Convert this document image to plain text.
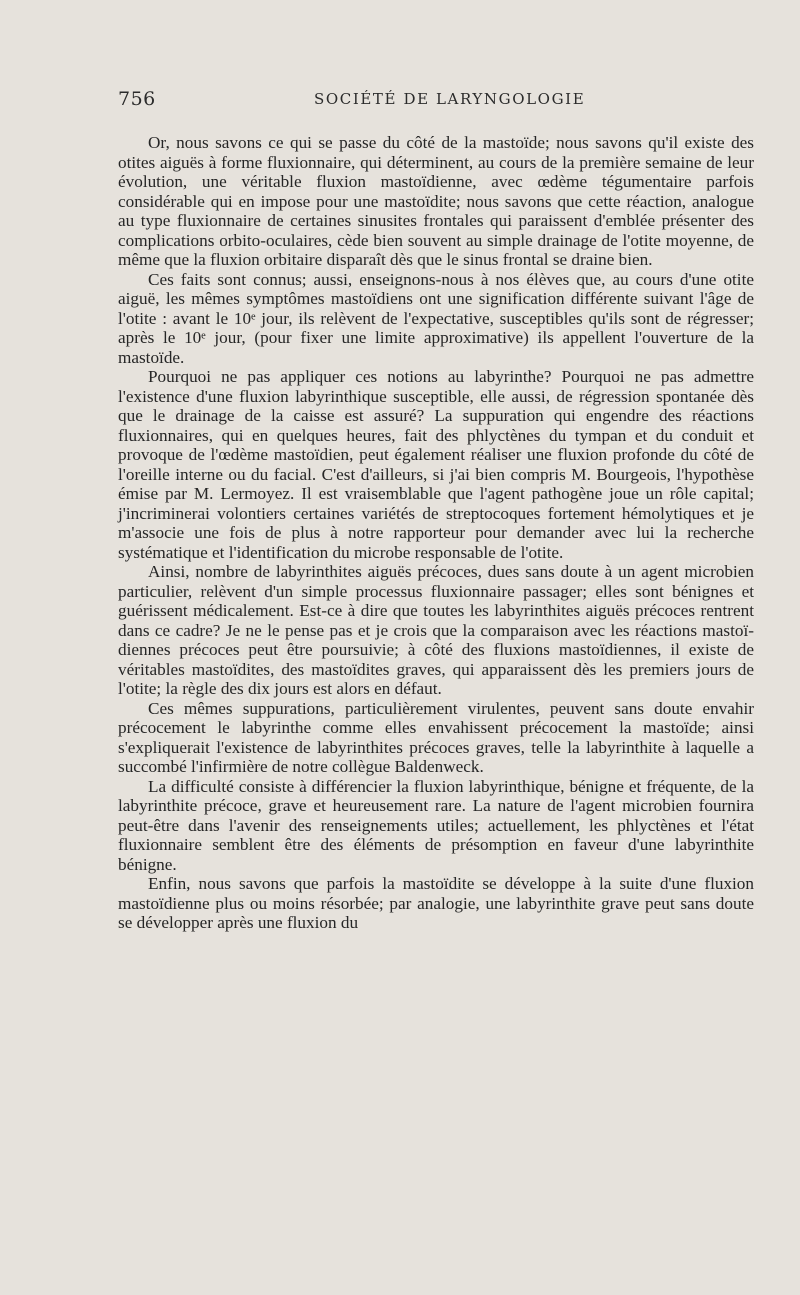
756	SOCIÉTÉ DE LARYNGOLOGIE

Or, nous savons ce qui se passe du côté de la mastoïde; nous savons qu'il existe des otites aiguës à forme fluxionnaire, qui déterminent, au cours de la première semaine de leur évolution, une véritable fluxion mastoïdienne, avec œdème tégumentaire parfois considérable qui en impose pour une mastoïdite; nous savons que cette réaction, analogue au type fluxionnaire de certaines sinusites frontales qui paraissent d'emblée présenter des complications orbito-oculaires, cède bien souvent au simple drainage de l'otite moyenne, de même que la fluxion orbitaire disparaît dès que le sinus frontal se draine bien.

Ces faits sont connus; aussi, enseignons-nous à nos élèves que, au cours d'une otite aiguë, les mêmes symptômes mastoïdiens ont une signification différente suivant l'âge de l'otite : avant le 10ᵉ jour, ils relèvent de l'expectative, susceptibles qu'ils sont de régresser; après le 10ᵉ jour, (pour fixer une limite approximative) ils appellent l'ouverture de la mastoïde.

Pourquoi ne pas appliquer ces notions au labyrinthe? Pourquoi ne pas admettre l'existence d'une fluxion labyrinthique susceptible, elle aussi, de régression spontanée dès que le drainage de la caisse est assuré? La suppuration qui engendre des réactions fluxionnaires, qui en quelques heures, fait des phlyctènes du tympan et du conduit et provoque de l'œdème mastoïdien, peut également réaliser une fluxion profonde du côté de l'oreille interne ou du facial. C'est d'ailleurs, si j'ai bien compris M. Bourgeois, l'hypothèse émise par M. Lermoyez. Il est vraisemblable que l'agent pathogène joue un rôle capital; j'incriminerai volontiers certaines variétés de streptocoques fortement hémolytiques et je m'associe une fois de plus à notre rapporteur pour demander avec lui la recherche systématique et l'identification du microbe responsable de l'otite.

Ainsi, nombre de labyrinthites aiguës précoces, dues sans doute à un agent microbien particulier, relèvent d'un simple processus fluxionnaire passager; elles sont bénignes et guérissent médicalement. Est-ce à dire que toutes les labyrinthites aiguës précoces rentrent dans ce cadre? Je ne le pense pas et je crois que la comparaison avec les réactions mastoïdiennes précoces peut être poursuivie; à côté des fluxions mastoïdiennes, il existe de véritables mastoïdites, des mastoïdites graves, qui apparaissent dès les premiers jours de l'otite; la règle des dix jours est alors en défaut.

Ces mêmes suppurations, particulièrement virulentes, peuvent sans doute envahir précocement le labyrinthe comme elles envahissent précocement la mastoïde; ainsi s'expliquerait l'existence de labyrinthites précoces graves, telle la labyrinthite à laquelle a succombé l'infirmière de notre collègue Baldenweck.

La difficulté consiste à différencier la fluxion labyrinthique, bénigne et fréquente, de la labyrinthite précoce, grave et heureusement rare. La nature de l'agent microbien fournira peut-être dans l'avenir des renseignements utiles; actuellement, les phlyctènes et l'état fluxionnaire semblent être des éléments de présomption en faveur d'une labyrinthite bénigne.

Enfin, nous savons que parfois la mastoïdite se développe à la suite d'une fluxion mastoïdienne plus ou moins résorbée; par analogie, une labyrinthite grave peut sans doute se développer après une fluxion du
